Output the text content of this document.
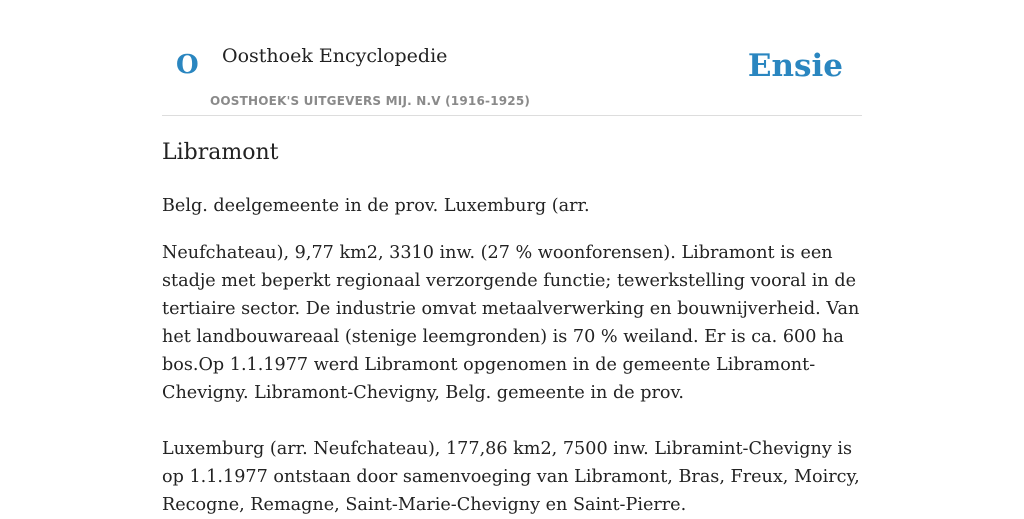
O Oosthoek Encyclopedie
OOSTHOEK'S UITGEVERS MIJ. N.V (1916-1925)
Ensie
Libramont

Belg. deelgemeente in de prov. Luxemburg (arr.

Neufchateau), 9,77 km2, 3310 inw. (27 % woonforensen). Libramont is een stadje met beperkt regionaal verzorgende functie; tewerkstelling vooral in de tertiaire sector. De industrie omvat metaalverwerking en bouwnijverheid. Van het landbouwareaal (stenige leemgronden) is 70 % weiland. Er is ca. 600 ha bos.Op 1.1.1977 werd Libramont opgenomen in de gemeente Libramont-Chevigny. Libramont-Chevigny, Belg. gemeente in de prov.

Luxemburg (arr. Neufchateau), 177,86 km2, 7500 inw. Libramint-Chevigny is op 1.1.1977 ontstaan door samenvoeging van Libramont, Bras, Freux, Moircy, Recogne, Remagne, Saint-Marie-Chevigny en Saint-Pierre.
